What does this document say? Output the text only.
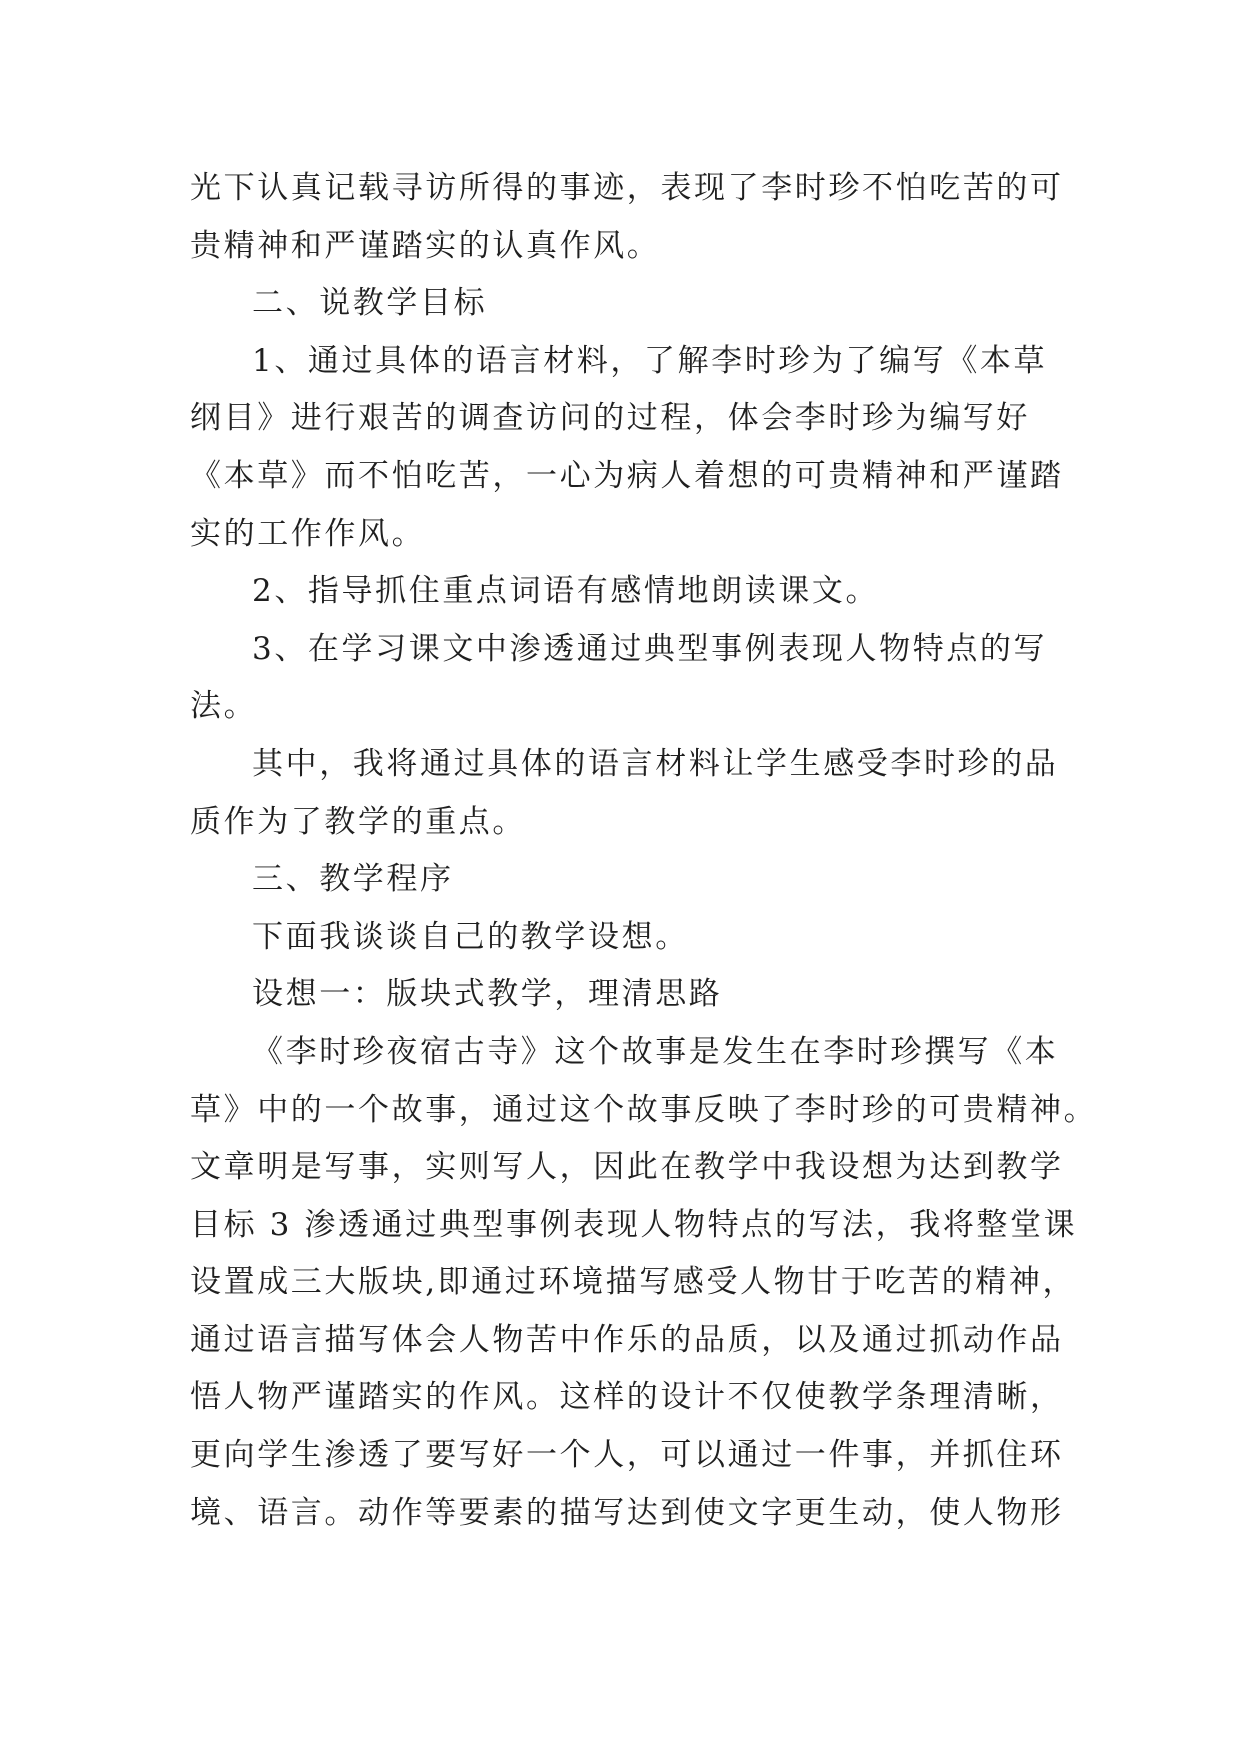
光下认真记载寻访所得的事迹，表现了李时珍不怕吃苦的可
贵精神和严谨踏实的认真作风。
二、说教学目标
1、通过具体的语言材料，了解李时珍为了编写《本草
纲目》进行艰苦的调查访问的过程，体会李时珍为编写好
《本草》而不怕吃苦，一心为病人着想的可贵精神和严谨踏
实的工作作风。
2、指导抓住重点词语有感情地朗读课文。
3、在学习课文中渗透通过典型事例表现人物特点的写
法。
其中，我将通过具体的语言材料让学生感受李时珍的品
质作为了教学的重点。
三、教学程序
下面我谈谈自己的教学设想。
设想一：版块式教学，理清思路
《李时珍夜宿古寺》这个故事是发生在李时珍撰写《本
草》中的一个故事，通过这个故事反映了李时珍的可贵精神。
文章明是写事，实则写人，因此在教学中我设想为达到教学
目标 3 渗透通过典型事例表现人物特点的写法，我将整堂课
设置成三大版块,即通过环境描写感受人物甘于吃苦的精神，
通过语言描写体会人物苦中作乐的品质，以及通过抓动作品
悟人物严谨踏实的作风。这样的设计不仅使教学条理清晰，
更向学生渗透了要写好一个人，可以通过一件事，并抓住环
境、语言。动作等要素的描写达到使文字更生动，使人物形
